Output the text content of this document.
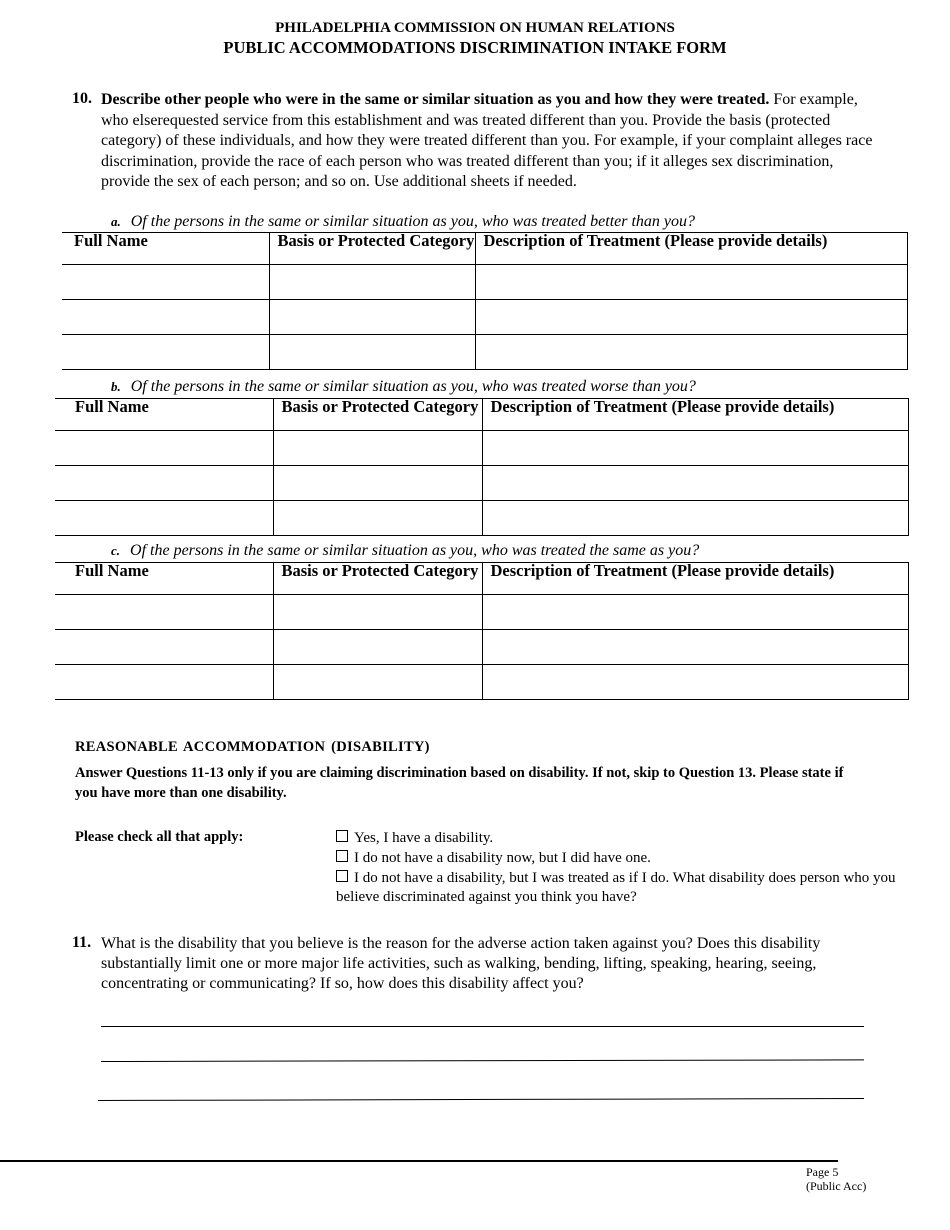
PHILADELPHIA COMMISSION ON HUMAN RELATIONS
PUBLIC ACCOMMODATIONS DISCRIMINATION INTAKE FORM
10. Describe other people who were in the same or similar situation as you and how they were treated. For example, who elserequested service from this establishment and was treated different than you. Provide the basis (protected category) of these individuals, and how they were treated different than you. For example, if your complaint alleges race discrimination, provide the race of each person who was treated different than you; if it alleges sex discrimination, provide the sex of each person; and so on. Use additional sheets if needed.
a. Of the persons in the same or similar situation as you, who was treated better than you?
Full Name	Basis or Protected Category	Description of Treatment (Please provide details)

b. Of the persons in the same or similar situation as you, who was treated worse than you?
Full Name	Basis or Protected Category	Description of Treatment (Please provide details)

c. Of the persons in the same or similar situation as you, who was treated the same as you?
Full Name	Basis or Protected Category	Description of Treatment (Please provide details)

REASONABLE ACCOMMODATION (DISABILITY)
Answer Questions 11-13 only if you are claiming discrimination based on disability. If not, skip to Question 13. Please state if you have more than one disability.
Please check all that apply:	Yes, I have a disability.
I do not have a disability now, but I did have one.
I do not have a disability, but I was treated as if I do. What disability does person who you believe discriminated against you think you have?
11. What is the disability that you believe is the reason for the adverse action taken against you? Does this disability substantially limit one or more major life activities, such as walking, bending, lifting, speaking, hearing, seeing, concentrating or communicating? If so, how does this disability affect you?
Page 5
(Public Acc)
